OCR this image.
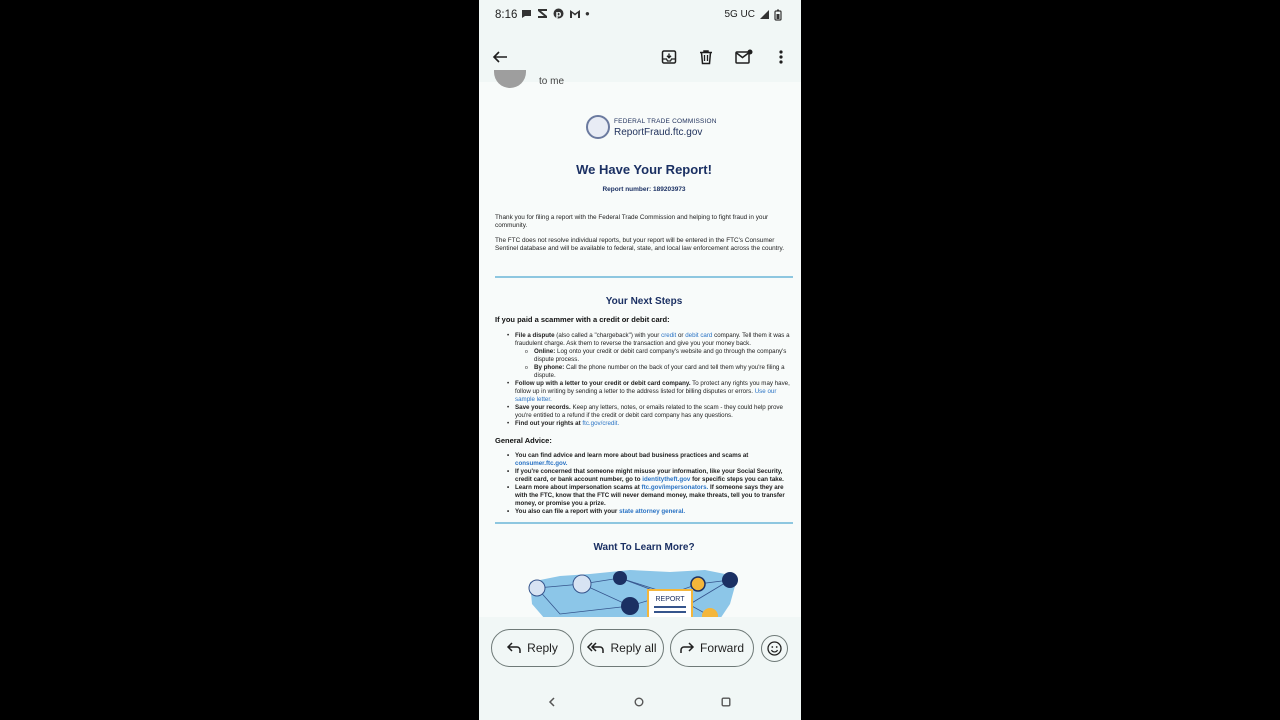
8:16	p	●	5G UC
to me
FEDERAL TRADE COMMISSION
ReportFraud.ftc.gov
We Have Your Report!
Report number: 189203973
Thank you for filing a report with the Federal Trade Commission and helping to fight fraud in your community.
The FTC does not resolve individual reports, but your report will be entered in the FTC's Consumer Sentinel database and will be available to federal, state, and local law enforcement across the country.
Your Next Steps
If you paid a scammer with a credit or debit card:
• File a dispute (also called a "chargeback") with your credit or debit card company. Tell them it was a fraudulent charge. Ask them to reverse the transaction and give you your money back.
o Online: Log onto your credit or debit card company's website and go through the company's dispute process.
o By phone: Call the phone number on the back of your card and tell them why you're filing a dispute.
• Follow up with a letter to your credit or debit card company. To protect any rights you may have, follow up in writing by sending a letter to the address listed for billing disputes or errors. Use our sample letter.
• Save your records. Keep any letters, notes, or emails related to the scam - they could help prove you're entitled to a refund if the credit or debit card company has any questions.
• Find out your rights at ftc.gov/credit.
General Advice:
• You can find advice and learn more about bad business practices and scams at consumer.ftc.gov.
• If you're concerned that someone might misuse your information, like your Social Security, credit card, or bank account number, go to identitytheft.gov for specific steps you can take.
• Learn more about impersonation scams at ftc.gov/impersonators. If someone says they are with the FTC, know that the FTC will never demand money, make threats, tell you to transfer money, or promise you a prize.
• You also can file a report with your state attorney general.
Want To Learn More?
REPORT
Reply	Reply all	Forward
